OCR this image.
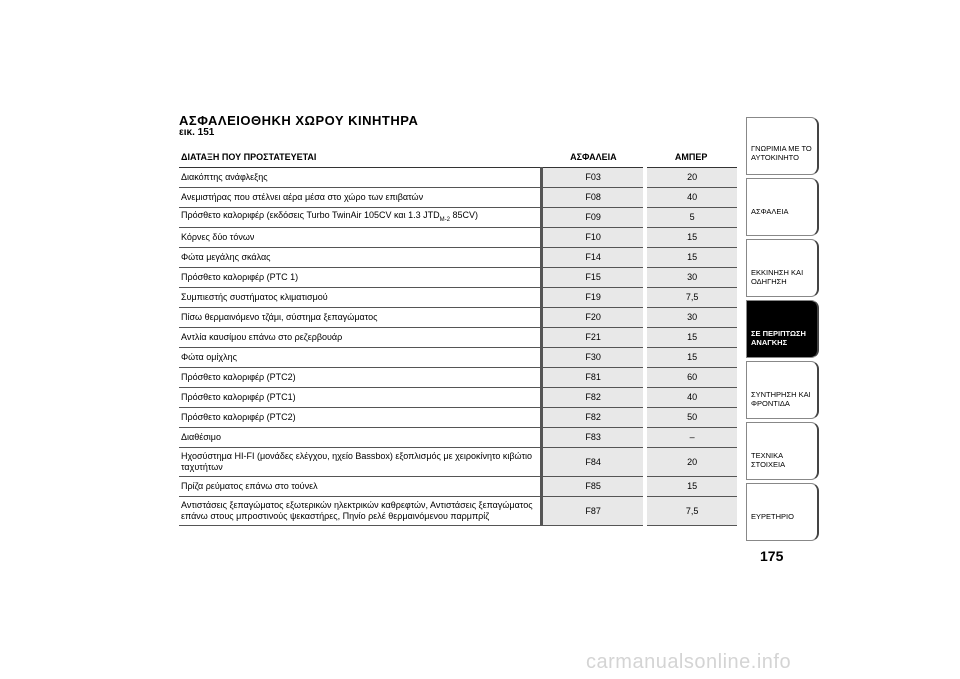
ΑΣΦΑΛΕΙΟΘΗΚΗ ΧΩΡΟΥ ΚΙΝΗΤΗΡΑ
εικ. 151
ΔΙΑΤΑΞΗ ΠΟΥ ΠΡΟΣΤΑΤΕΥΕΤΑΙ	ΑΣΦΑΛΕΙΑ	ΑΜΠΕΡ
Διακόπτης ανάφλεξης	F03	20
Ανεμιστήρας που στέλνει αέρα μέσα στο χώρο των επιβατών	F08	40
Πρόσθετο καλοριφέρ (εκδόσεις Turbo TwinAir 105CV και 1.3 $JTD_{M-2}$ 85CV)	F09	5
Κόρνες δύο τόνων	F10	15
Φώτα μεγάλης σκάλας	F14	15
Πρόσθετο καλοριφέρ (PTC 1)	F15	30
Συμπιεστής συστήματος κλιματισμού	F19	7,5
Πίσω θερμαινόμενο τζάμι, σύστημα ξεπαγώματος	F20	30
Αντλία καυσίμου επάνω στο ρεζερβουάρ	F21	15
Φώτα ομίχλης	F30	15
Πρόσθετο καλοριφέρ (PTC2)	F81	60
Πρόσθετο καλοριφέρ (PTC1)	F82	40
Πρόσθετο καλοριφέρ (PTC2)	F82	50
Διαθέσιμο	F83	–
Ηχοσύστημα HI-FI (μονάδες ελέγχου, ηχείο Bassbox) εξοπλισμός με χειροκίνητο κιβώτιο ταχυτήτων	F84	20
Πρίζα ρεύματος επάνω στο τούνελ	F85	15
Αντιστάσεις ξεπαγώματος εξωτερικών ηλεκτρικών καθρεφτών, Αντιστάσεις ξεπαγώματος επάνω στους μπροστινούς ψεκαστήρες, Πηνίο ρελέ θερμαινόμενου παρμπρίζ	F87	7,5
ΓΝΩΡΙΜΙΑ ΜΕ ΤΟ ΑΥΤΟΚΙΝΗΤΟ
ΑΣΦΑΛΕΙΑ
ΕΚΚΙΝΗΣΗ ΚΑΙ ΟΔΗΓΗΣΗ
ΣΕ ΠΕΡΙΠΤΩΣΗ ΑΝΑΓΚΗΣ
ΣΥΝΤΗΡΗΣΗ ΚΑΙ ΦΡΟΝΤΙΔΑ
ΤΕΧΝΙΚΑ ΣΤΟΙΧΕΙΑ
ΕΥΡΕΤΗΡΙΟ
175
carmanualsonline.info
